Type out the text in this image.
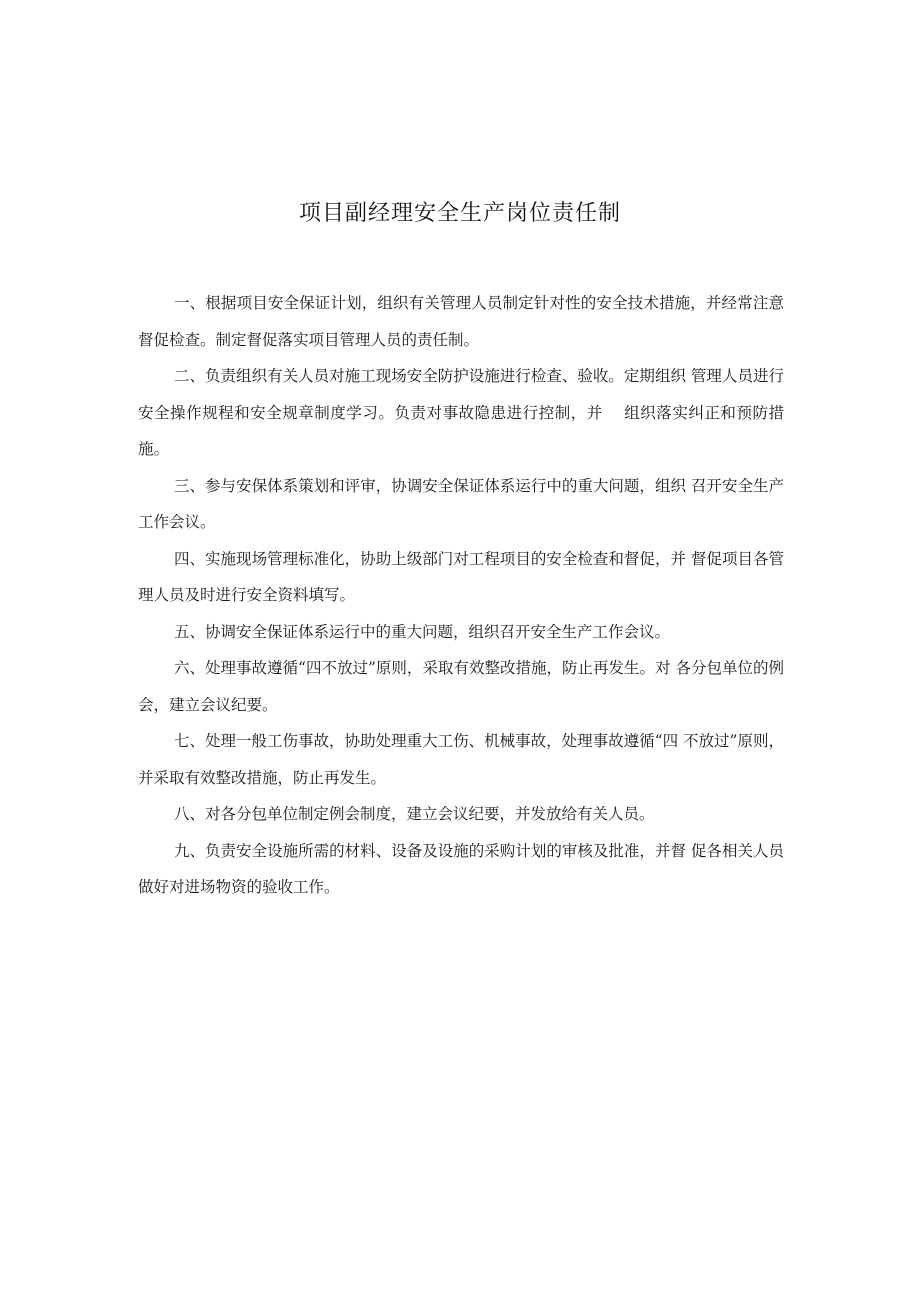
项目副经理安全生产岗位责任制

一、根据项目安全保证计划，组织有关管理人员制定针对性的安全技术措施，并经常注意督促检查。制定督促落实项目管理人员的责任制。

二、负责组织有关人员对施工现场安全防护设施进行检查、验收。定期组织 管理人员进行安全操作规程和安全规章制度学习。负责对事故隐患进行控制，并　 组织落实纠正和预防措施。

三、参与安保体系策划和评审，协调安全保证体系运行中的重大问题，组织 召开安全生产工作会议。

四、实施现场管理标准化，协助上级部门对工程项目的安全检查和督促，并 督促项目各管理人员及时进行安全资料填写。

五、协调安全保证体系运行中的重大问题，组织召开安全生产工作会议。

六、处理事故遵循“四不放过”原则，采取有效整改措施，防止再发生。对 各分包单位的例会，建立会议纪要。

七、处理一般工伤事故，协助处理重大工伤、机械事故，处理事故遵循“四 不放过”原则，并采取有效整改措施，防止再发生。

八、对各分包单位制定例会制度，建立会议纪要，并发放给有关人员。

九、负责安全设施所需的材料、设备及设施的采购计划的审核及批准，并督 促各相关人员做好对进场物资的验收工作。
